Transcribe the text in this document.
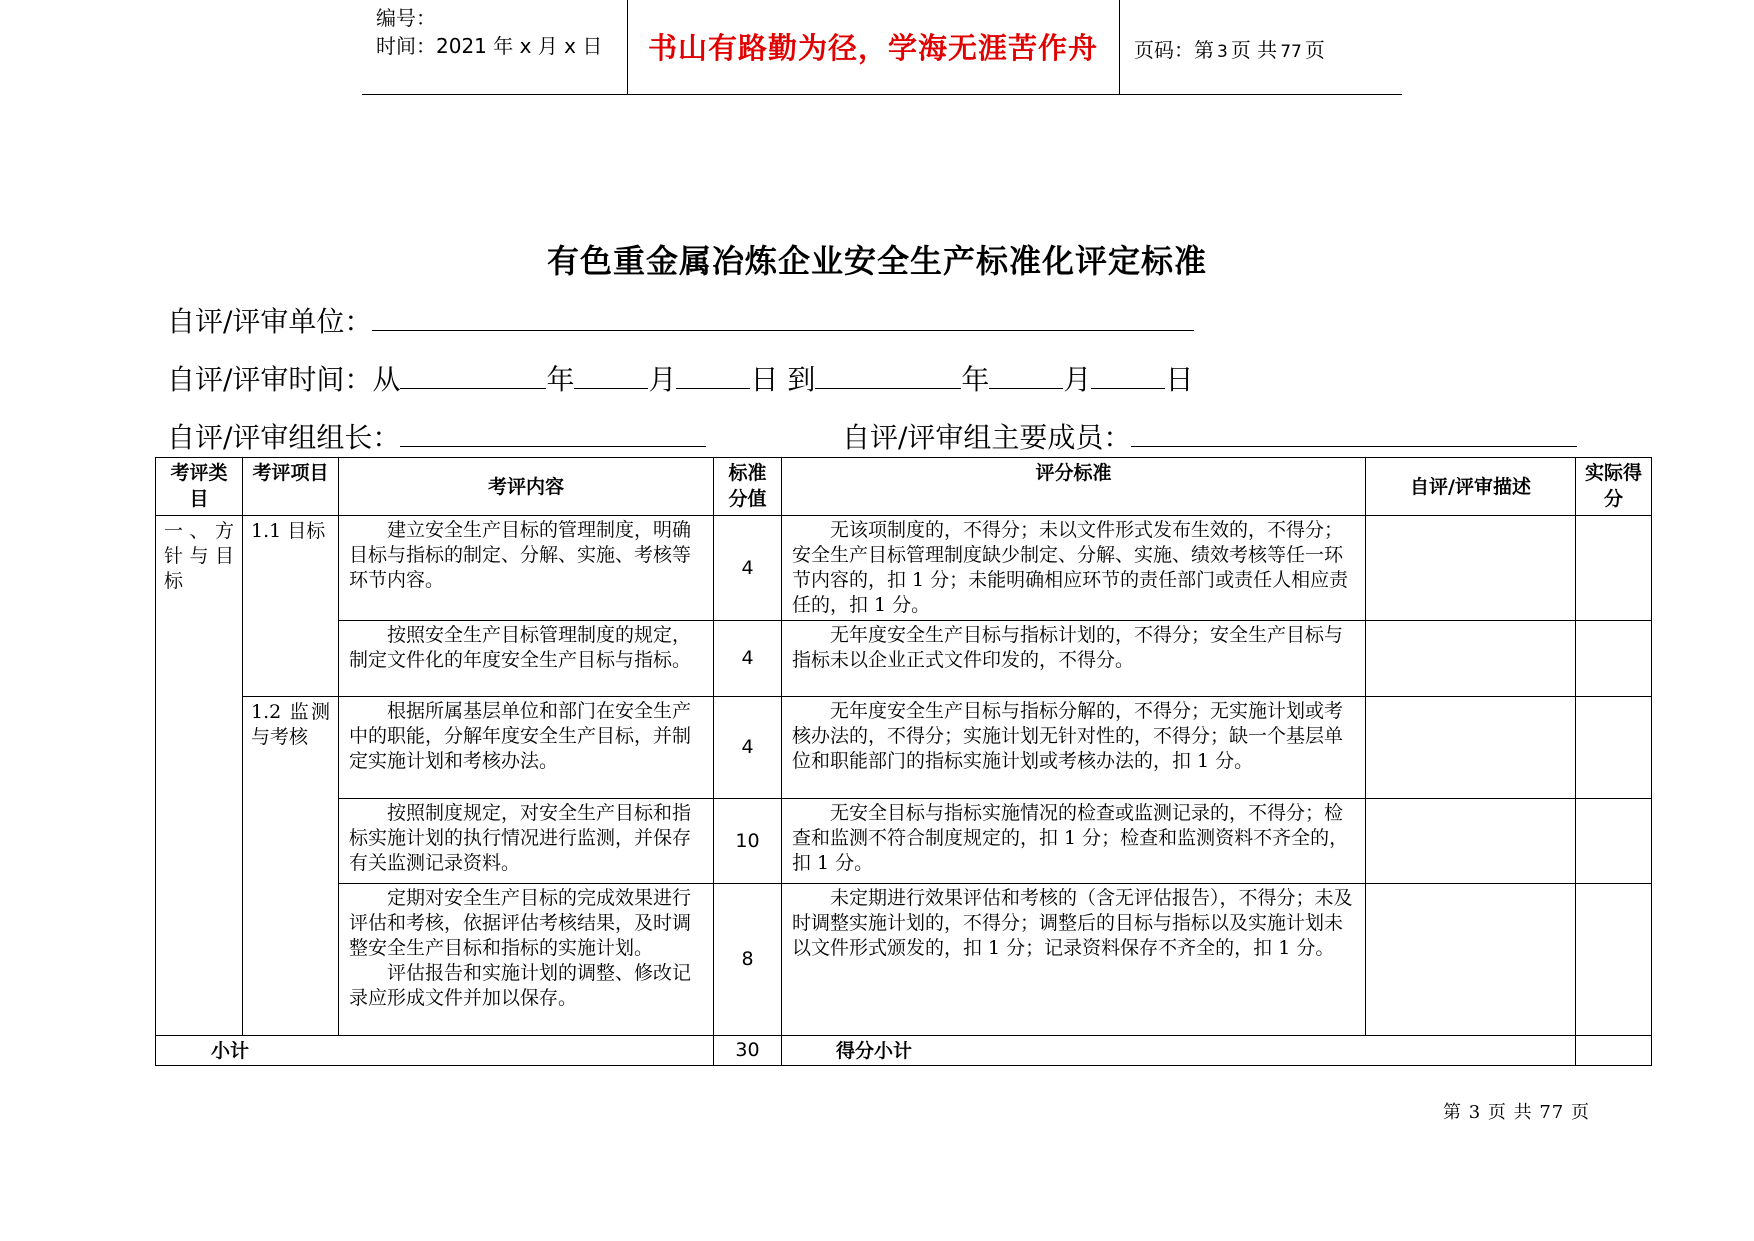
编号：
时间：2021 年 x 月 x 日	书山有路勤为径，学海无涯苦作舟	页码：第 3 页 共 77 页
有色重金属冶炼企业安全生产标准化评定标准
自评/评审单位：
自评/评审时间：从	年	月	日 到	年	月	日
自评/评审组组长：	自评/评审组主要成员：
考评类目	考评项目	考评内容	标准分值	评分标准	自评/评审描述	实际得分
一、方针与目标	1.1 目标	建立安全生产目标的管理制度，明确目标与指标的制定、分解、实施、考核等环节内容。	4	无该项制度的，不得分；未以文件形式发布生效的，不得分；安全生产目标管理制度缺少制定、分解、实施、绩效考核等任一环节内容的，扣 1 分；未能明确相应环节的责任部门或责任人相应责任的，扣 1 分。		
		按照安全生产目标管理制度的规定，制定文件化的年度安全生产目标与指标。	4	无年度安全生产目标与指标计划的，不得分；安全生产目标与指标未以企业正式文件印发的，不得分。		
	1.2 监测与考核	根据所属基层单位和部门在安全生产中的职能，分解年度安全生产目标，并制定实施计划和考核办法。	4	无年度安全生产目标与指标分解的，不得分；无实施计划或考核办法的，不得分；实施计划无针对性的，不得分；缺一个基层单位和职能部门的指标实施计划或考核办法的，扣 1 分。		
		按照制度规定，对安全生产目标和指标实施计划的执行情况进行监测，并保存有关监测记录资料。	10	无安全目标与指标实施情况的检查或监测记录的，不得分；检查和监测不符合制度规定的，扣 1 分；检查和监测资料不齐全的，扣 1 分。		

		定期对安全生产目标的完成效果进行评估和考核，依据评估考核结果，及时调整安全生产目标和指标的实施计划。
评估报告和实施计划的调整、修改记录应形成文件并加以保存。	8	未定期进行效果评估和考核的（含无评估报告），不得分；未及时调整实施计划的，不得分；调整后的目标与指标以及实施计划未以文件形式颁发的，扣 1 分；记录资料保存不齐全的，扣 1 分。		
小计			30	得分小计		
第 3 页 共 77 页
